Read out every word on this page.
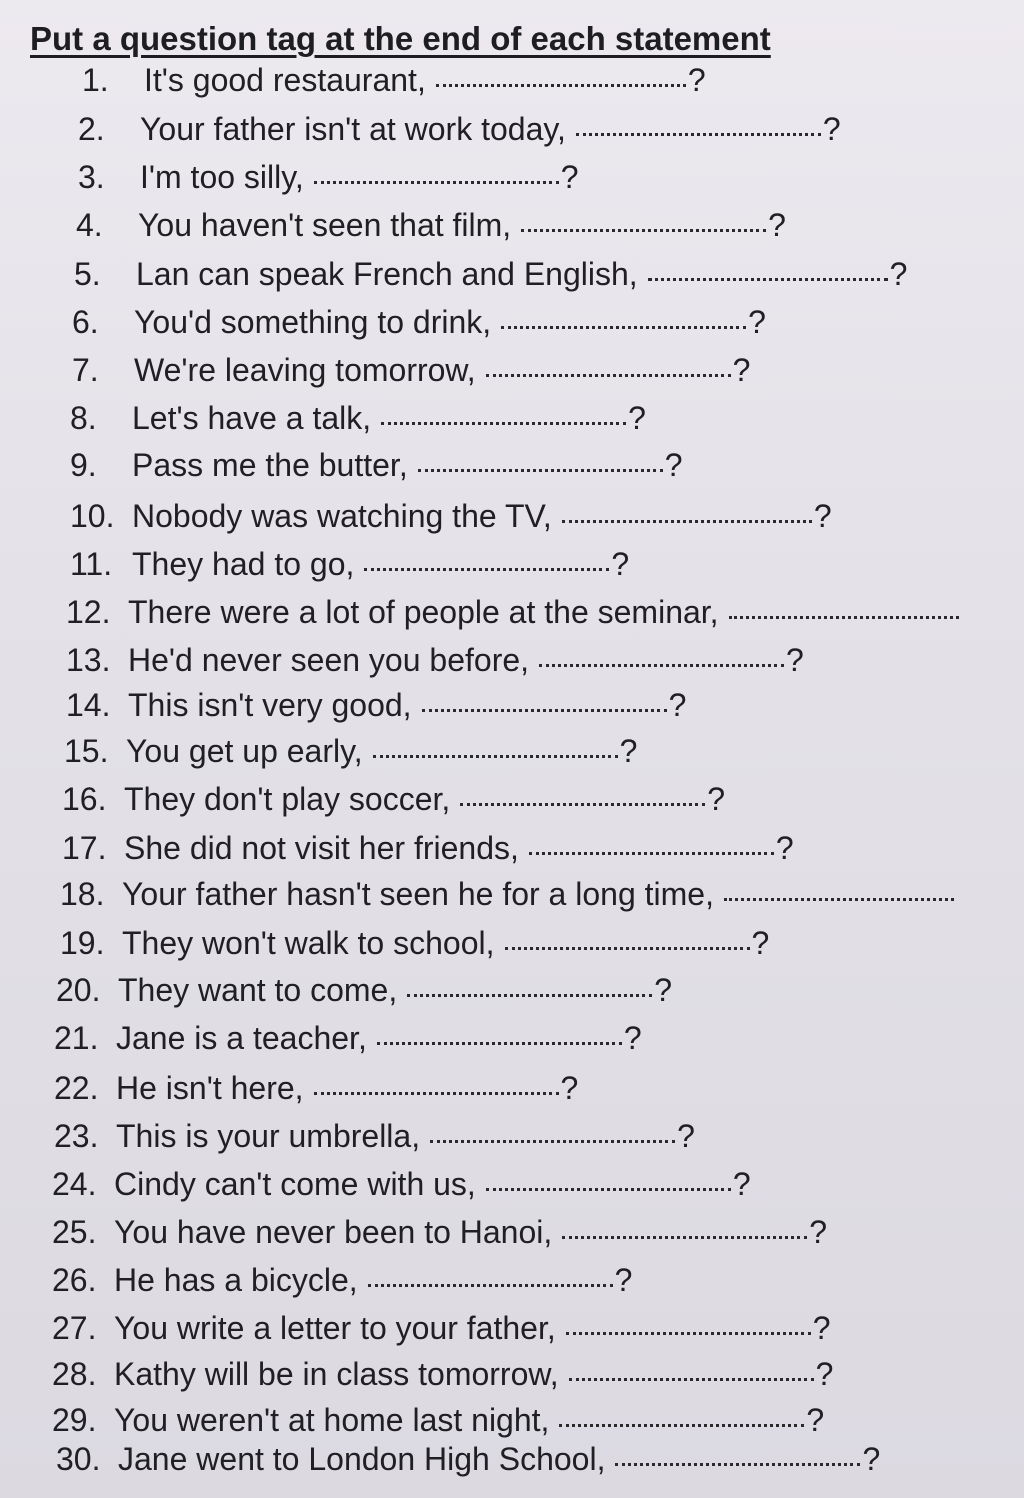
Put a question tag at the end of each statement
1.	It's good restaurant,	?
2.	Your father isn't at work today,	?
3.	I'm too silly,	?
4.	You haven't seen that film,	?
5.	Lan can speak French and English,	?
6.	You'd something to drink,	?
7.	We're leaving tomorrow,	?
8.	Let's have a talk,	?
9.	Pass me the butter,	?
10. Nobody was watching the TV,	?
11. They had to go,	?
12. There were a lot of people at the seminar,
13. He'd never seen you before,	?
14. This isn't very good,	?
15. You get up early,	?
16. They don't play soccer,	?
17. She did not visit her friends,	?
18. Your father hasn't seen he for a long time,
19. They won't walk to school,	?
20. They want to come,	?
21. Jane is a teacher,	?
22. He isn't here,	?
23. This is your umbrella,	?
24. Cindy can't come with us,	?
25. You have never been to Hanoi,	?
26. He has a bicycle,	?
27. You write a letter to your father,	?
28. Kathy will be in class tomorrow,	?
29. You weren't at home last night,	?
30. Jane went to London High School,	?
